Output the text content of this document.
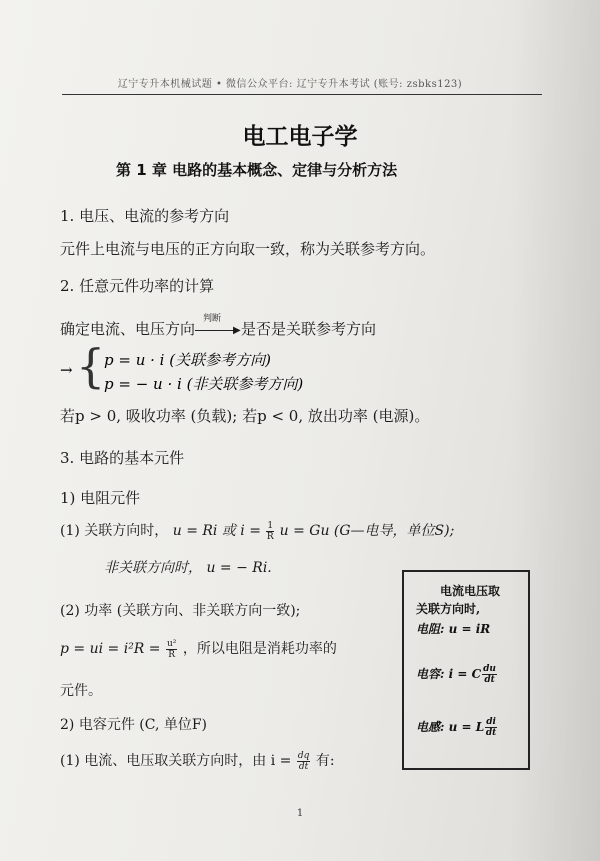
辽宁专升本机械试题 • 微信公众平台: 辽宁专升本考试 (账号: zsbks123)
电工电子学
第 1 章 电路的基本概念、定律与分析方法
1. 电压、电流的参考方向
元件上电流与电压的正方向取一致，称为关联参考方向。
2. 任意元件功率的计算
确定电流、电压方向
判断
▶ 是否是关联参考方向
→ {
p = u · i (关联参考方向)
p = − u · i (非关联参考方向)
若p > 0, 吸收功率 (负载); 若p < 0, 放出功率 (电源)。
3. 电路的基本元件
1) 电阻元件
(1) 关联方向时， u = Ri 或 $i = \frac{1}{R}$ u = Gu (G—电导，单位S);
非关联方向时， u = − Ri.
(2) 功率 (关联方向、非关联方向一致);
p = ui = $i^2R = \frac{\text{u²}}{R}$ ，所以电阻是消耗功率的
元件。
2) 电容元件 (C, 单位F)
(1) 电流、电压取关联方向时，由 $i = \frac{dq}{dt}$ 有:
电流电压取
关联方向时,
电阻: u = iR
电容: i = C $\frac{du}{dt}$
电感: u = L $\frac{di}{dt}$
1
